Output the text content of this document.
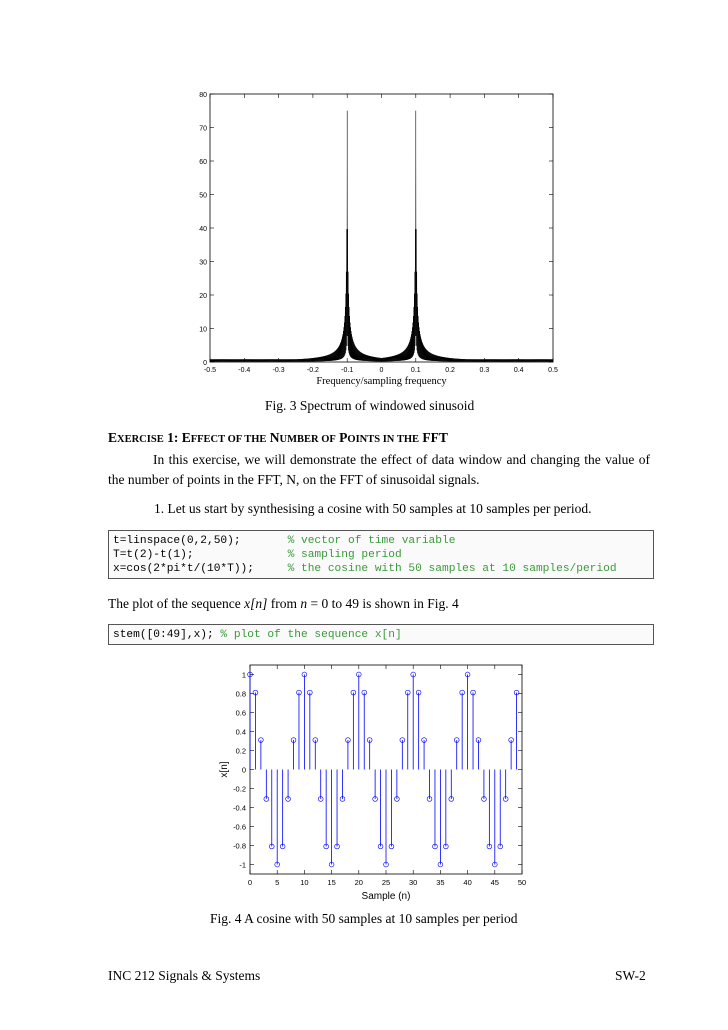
0
10
20
30
40
50
60
70
80
-0.5	-0.4	-0.3	-0.2	-0.1	0	0.1	0.2	0.3	0.4	0.5
Frequency/sampling frequency
Fig. 3 Spectrum of windowed sinusoid
EXERCISE 1: EFFECT OF THE NUMBER OF POINTS IN THE FFT
In this exercise, we will demonstrate the effect of data window and changing the value of the number of points in the FFT, N, on the FFT of sinusoidal signals.
1. Let us start by synthesising a cosine with 50 samples at 10 samples per period.
t=linspace(0,2,50);       % vector of time variable
T=t(2)-t(1);              % sampling period
x=cos(2*pi*t/(10*T));     % the cosine with 50 samples at 10 samples/period
The plot of the sequence x[n] from n = 0 to 49 is shown in Fig. 4
stem([0:49],x); % plot of the sequence x[n]
1
0.8
0.6
0.4
0.2
0
-0.2
-0.4
-0.6
-0.8
-1
0	5	10	15	20	25	30	35	40	45	50
Sample (n)
x[n]
Fig. 4 A cosine with 50 samples at 10 samples per period
INC 212 Signals & Systems	SW-2
